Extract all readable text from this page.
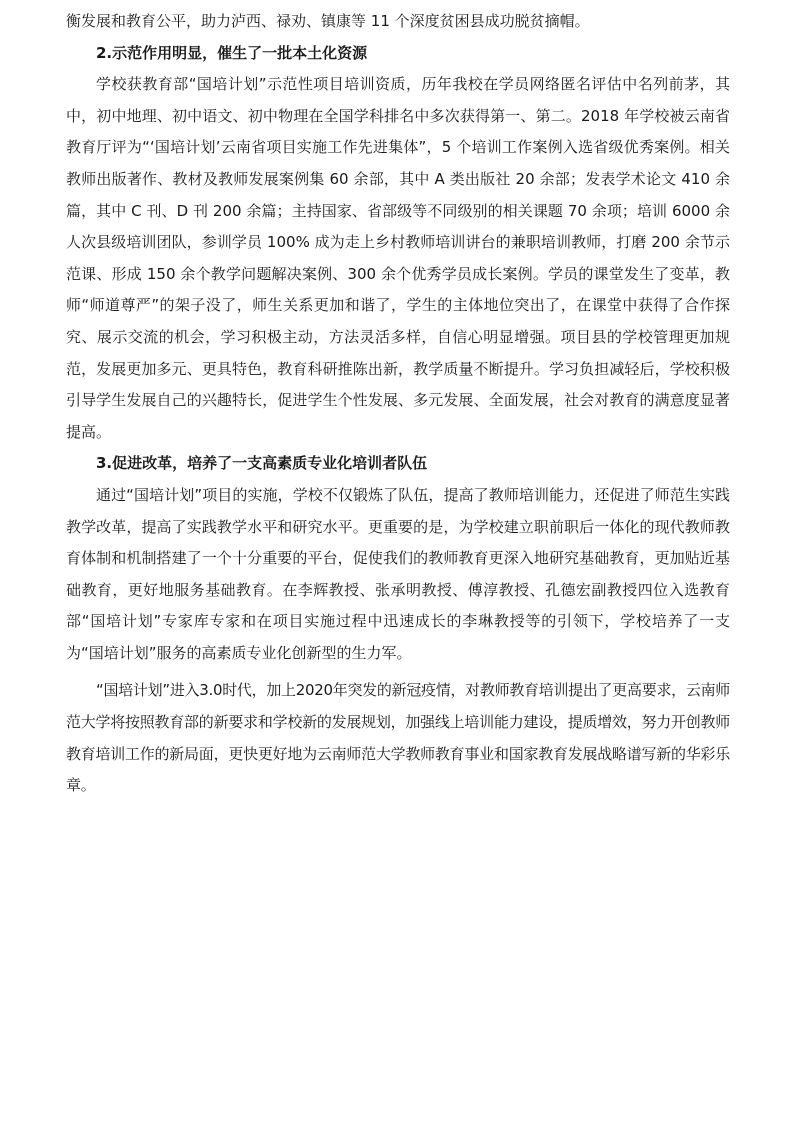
衡发展和教育公平，助力泸西、禄劝、镇康等 11 个深度贫困县成功脱贫摘帽。

2.示范作用明显，催生了一批本土化资源

学校获教育部“国培计划”示范性项目培训资质，历年我校在学员网络匿名评估中名列前茅，其中，初中地理、初中语文、初中物理在全国学科排名中多次获得第一、第二。2018 年学校被云南省教育厅评为“‘国培计划’云南省项目实施工作先进集体”，5 个培训工作案例入选省级优秀案例。相关教师出版著作、教材及教师发展案例集 60 余部，其中 A 类出版社 20 余部；发表学术论文 410 余篇，其中 C 刊、D 刊 200 余篇；主持国家、省部级等不同级别的相关课题 70 余项；培训 6000 余人次县级培训团队，参训学员 100% 成为走上乡村教师培训讲台的兼职培训教师，打磨 200 余节示范课、形成 150 余个教学问题解决案例、300 余个优秀学员成长案例。学员的课堂发生了变革，教师“师道尊严”的架子没了，师生关系更加和谐了，学生的主体地位突出了，在课堂中获得了合作探究、展示交流的机会，学习积极主动，方法灵活多样，自信心明显增强。项目县的学校管理更加规范，发展更加多元、更具特色，教育科研推陈出新，教学质量不断提升。学习负担减轻后，学校积极引导学生发展自己的兴趣特长，促进学生个性发展、多元发展、全面发展，社会对教育的满意度显著提高。

3.促进改革，培养了一支高素质专业化培训者队伍

通过“国培计划”项目的实施，学校不仅锻炼了队伍，提高了教师培训能力，还促进了师范生实践教学改革，提高了实践教学水平和研究水平。更重要的是，为学校建立职前职后一体化的现代教师教育体制和机制搭建了一个十分重要的平台，促使我们的教师教育更深入地研究基础教育，更加贴近基础教育，更好地服务基础教育。在李辉教授、张承明教授、傅淳教授、孔德宏副教授四位入选教育部“国培计划”专家库专家和在项目实施过程中迅速成长的李琳教授等的引领下，学校培养了一支为“国培计划”服务的高素质专业化创新型的生力军。

“国培计划”进入3.0时代，加上2020年突发的新冠疫情，对教师教育培训提出了更高要求，云南师范大学将按照教育部的新要求和学校新的发展规划，加强线上培训能力建设，提质增效，努力开创教师教育培训工作的新局面，更快更好地为云南师范大学教师教育事业和国家教育发展战略谱写新的华彩乐章。
